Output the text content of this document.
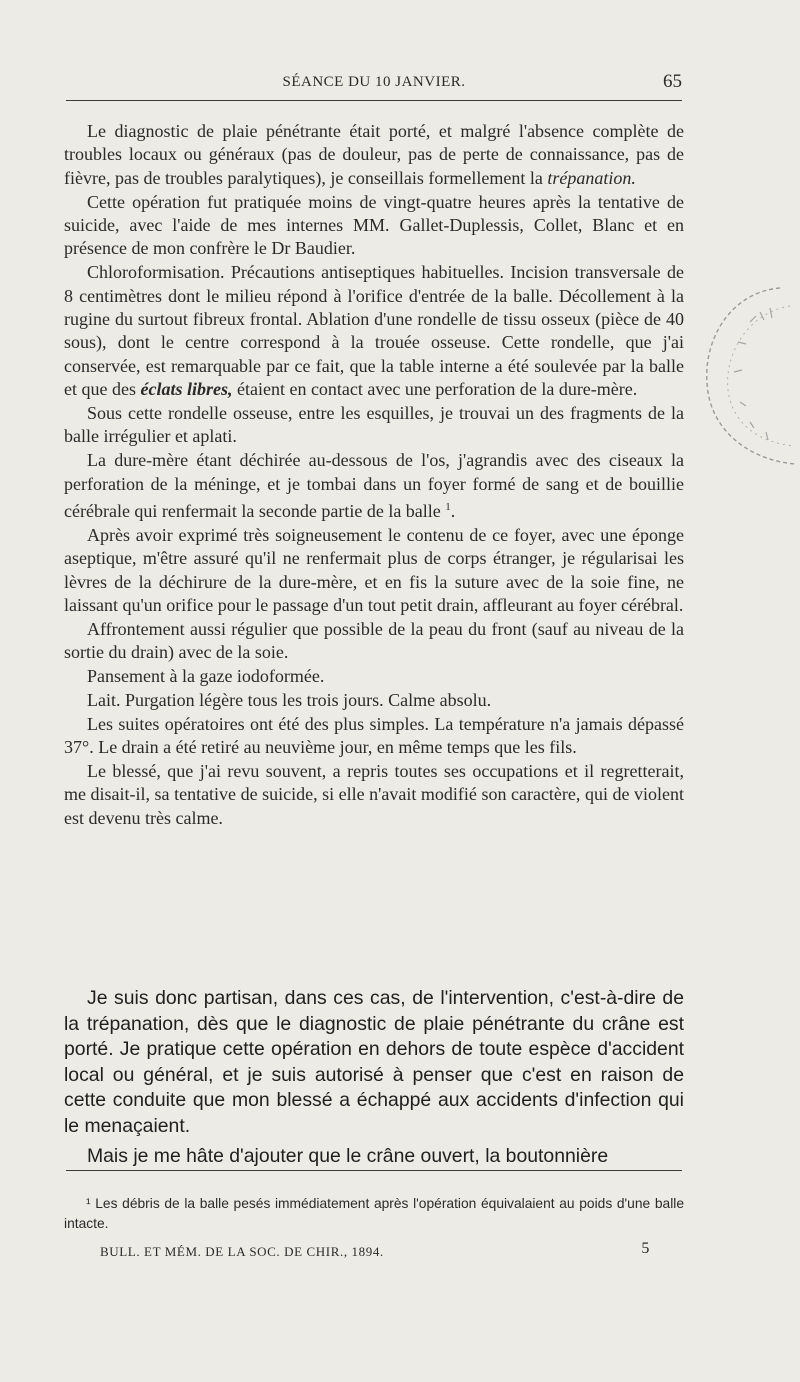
SÉANCE DU 10 JANVIER.	65

Le diagnostic de plaie pénétrante était porté, et malgré l'absence complète de troubles locaux ou généraux (pas de douleur, pas de perte de connaissance, pas de fièvre, pas de troubles paralytiques), je conseillais formellement la trépanation.

Cette opération fut pratiquée moins de vingt-quatre heures après la tentative de suicide, avec l'aide de mes internes MM. Gallet-Duplessis, Collet, Blanc et en présence de mon confrère le Dr Baudier.

Chloroformisation. Précautions antiseptiques habituelles. Incision transversale de 8 centimètres dont le milieu répond à l'orifice d'entrée de la balle. Décollement à la rugine du surtout fibreux frontal. Ablation d'une rondelle de tissu osseux (pièce de 40 sous), dont le centre correspond à la trouée osseuse. Cette rondelle, que j'ai conservée, est remarquable par ce fait, que la table interne a été soulevée par la balle et que des éclats libres, étaient en contact avec une perforation de la dure-mère.

Sous cette rondelle osseuse, entre les esquilles, je trouvai un des fragments de la balle irrégulier et aplati.

La dure-mère étant déchirée au-dessous de l'os, j'agrandis avec des ciseaux la perforation de la méninge, et je tombai dans un foyer formé de sang et de bouillie cérébrale qui renfermait la seconde partie de la balle $^1$.

Après avoir exprimé très soigneusement le contenu de ce foyer, avec une éponge aseptique, m'être assuré qu'il ne renfermait plus de corps étranger, je régularisai les lèvres de la déchirure de la dure-mère, et en fis la suture avec de la soie fine, ne laissant qu'un orifice pour le passage d'un tout petit drain, affleurant au foyer cérébral.

Affrontement aussi régulier que possible de la peau du front (sauf au niveau de la sortie du drain) avec de la soie.

Pansement à la gaze iodoformée.

Lait. Purgation légère tous les trois jours. Calme absolu.

Les suites opératoires ont été des plus simples. La température n'a jamais dépassé 37°. Le drain a été retiré au neuvième jour, en même temps que les fils.

Le blessé, que j'ai revu souvent, a repris toutes ses occupations et il regretterait, me disait-il, sa tentative de suicide, si elle n'avait modifié son caractère, qui de violent est devenu très calme.

Je suis donc partisan, dans ces cas, de l'intervention, c'est-à-dire de la trépanation, dès que le diagnostic de plaie pénétrante du crâne est porté. Je pratique cette opération en dehors de toute espèce d'accident local ou général, et je suis autorisé à penser que c'est en raison de cette conduite que mon blessé a échappé aux accidents d'infection qui le menaçaient.

Mais je me hâte d'ajouter que le crâne ouvert, la boutonnière

¹ Les débris de la balle pesés immédiatement après l'opération équivalaient au poids d'une balle intacte.
BULL. ET MÉM. DE LA SOC. DE CHIR., 1894.	5
